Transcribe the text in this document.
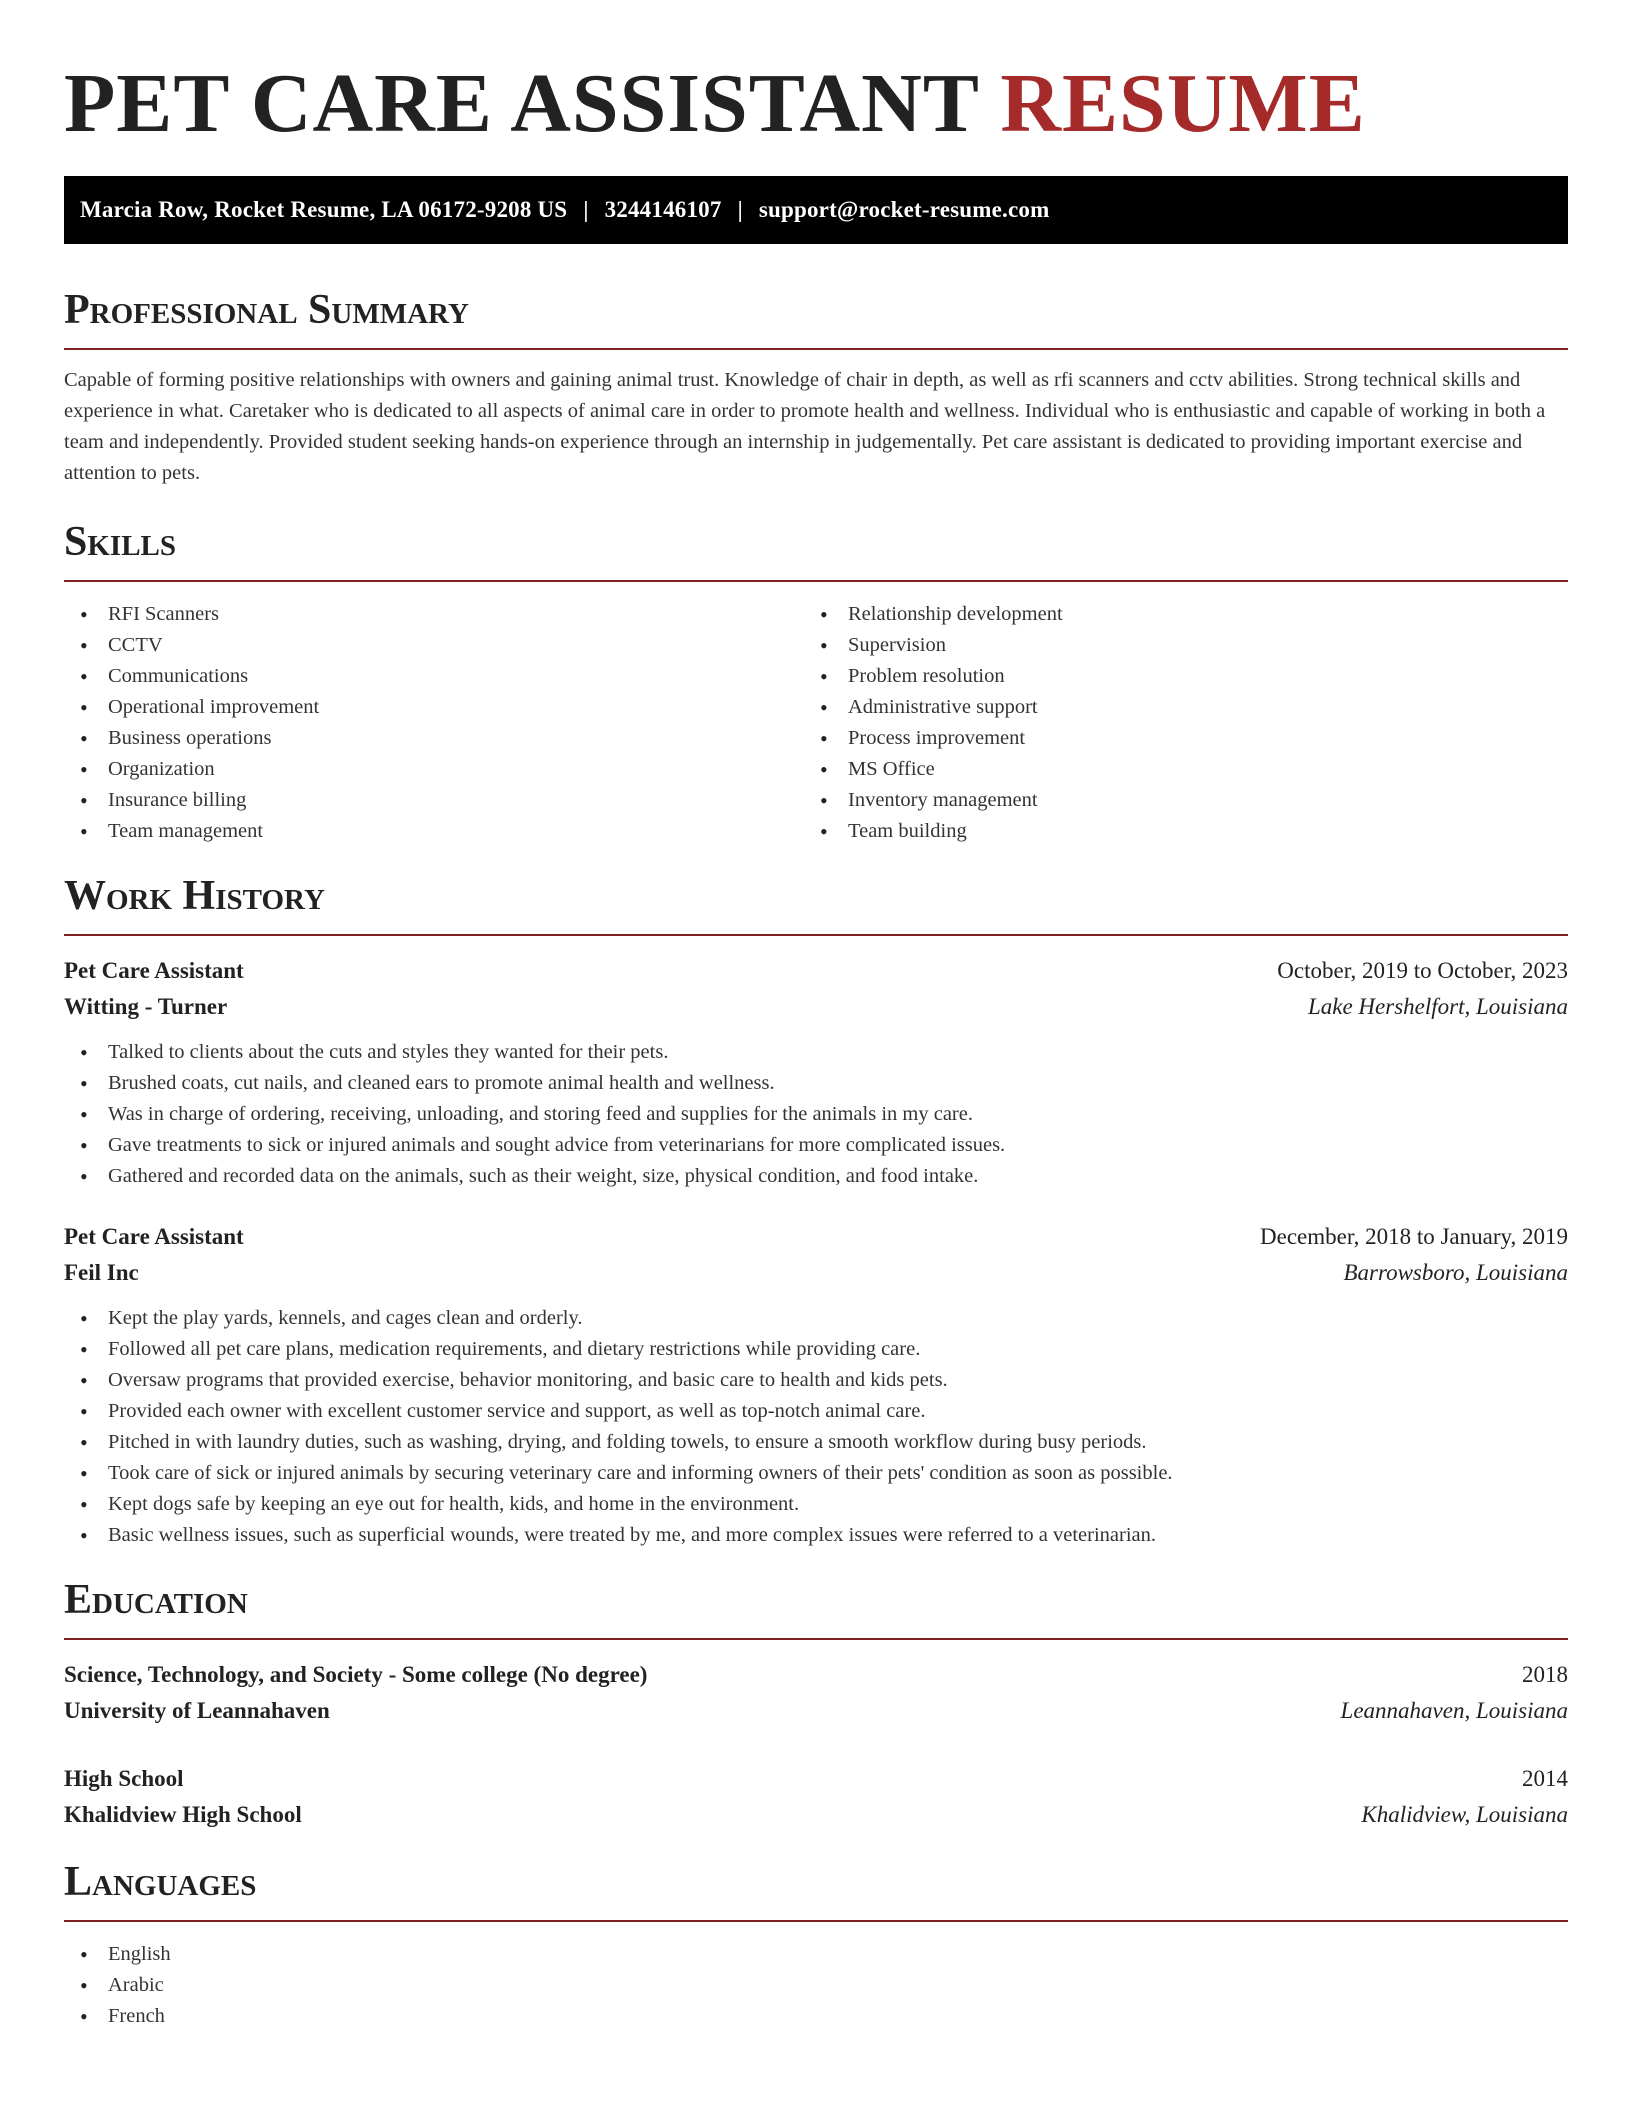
PET CARE ASSISTANT RESUME
Marcia Row, Rocket Resume, LA 06172-9208 US | 3244146107 | support@rocket-resume.com
Professional Summary

Capable of forming positive relationships with owners and gaining animal trust. Knowledge of chair in depth, as well as rfi scanners and cctv abilities. Strong technical skills and experience in what. Caretaker who is dedicated to all aspects of animal care in order to promote health and wellness. Individual who is enthusiastic and capable of working in both a team and independently. Provided student seeking hands-on experience through an internship in judgementally. Pet care assistant is dedicated to providing important exercise and attention to pets.

Skills
• RFI Scanners
• CCTV
• Communications
• Operational improvement
• Business operations
• Organization
• Insurance billing
• Team management
• Relationship development
• Supervision
• Problem resolution
• Administrative support
• Process improvement
• MS Office
• Inventory management
• Team building
Work History
Pet Care Assistant	October, 2019 to October, 2023
Witting - Turner	Lake Hershelfort, Louisiana
• Talked to clients about the cuts and styles they wanted for their pets.
• Brushed coats, cut nails, and cleaned ears to promote animal health and wellness.
• Was in charge of ordering, receiving, unloading, and storing feed and supplies for the animals in my care.
• Gave treatments to sick or injured animals and sought advice from veterinarians for more complicated issues.
• Gathered and recorded data on the animals, such as their weight, size, physical condition, and food intake.
Pet Care Assistant	December, 2018 to January, 2019
Feil Inc	Barrowsboro, Louisiana
• Kept the play yards, kennels, and cages clean and orderly.
• Followed all pet care plans, medication requirements, and dietary restrictions while providing care.
• Oversaw programs that provided exercise, behavior monitoring, and basic care to health and kids pets.
• Provided each owner with excellent customer service and support, as well as top-notch animal care.
• Pitched in with laundry duties, such as washing, drying, and folding towels, to ensure a smooth workflow during busy periods.
• Took care of sick or injured animals by securing veterinary care and informing owners of their pets' condition as soon as possible.
• Kept dogs safe by keeping an eye out for health, kids, and home in the environment.
• Basic wellness issues, such as superficial wounds, were treated by me, and more complex issues were referred to a veterinarian.
Education
Science, Technology, and Society - Some college (No degree)	2018
University of Leannahaven	Leannahaven, Louisiana
High School	2014
Khalidview High School	Khalidview, Louisiana
Languages
• English
• Arabic
• French
